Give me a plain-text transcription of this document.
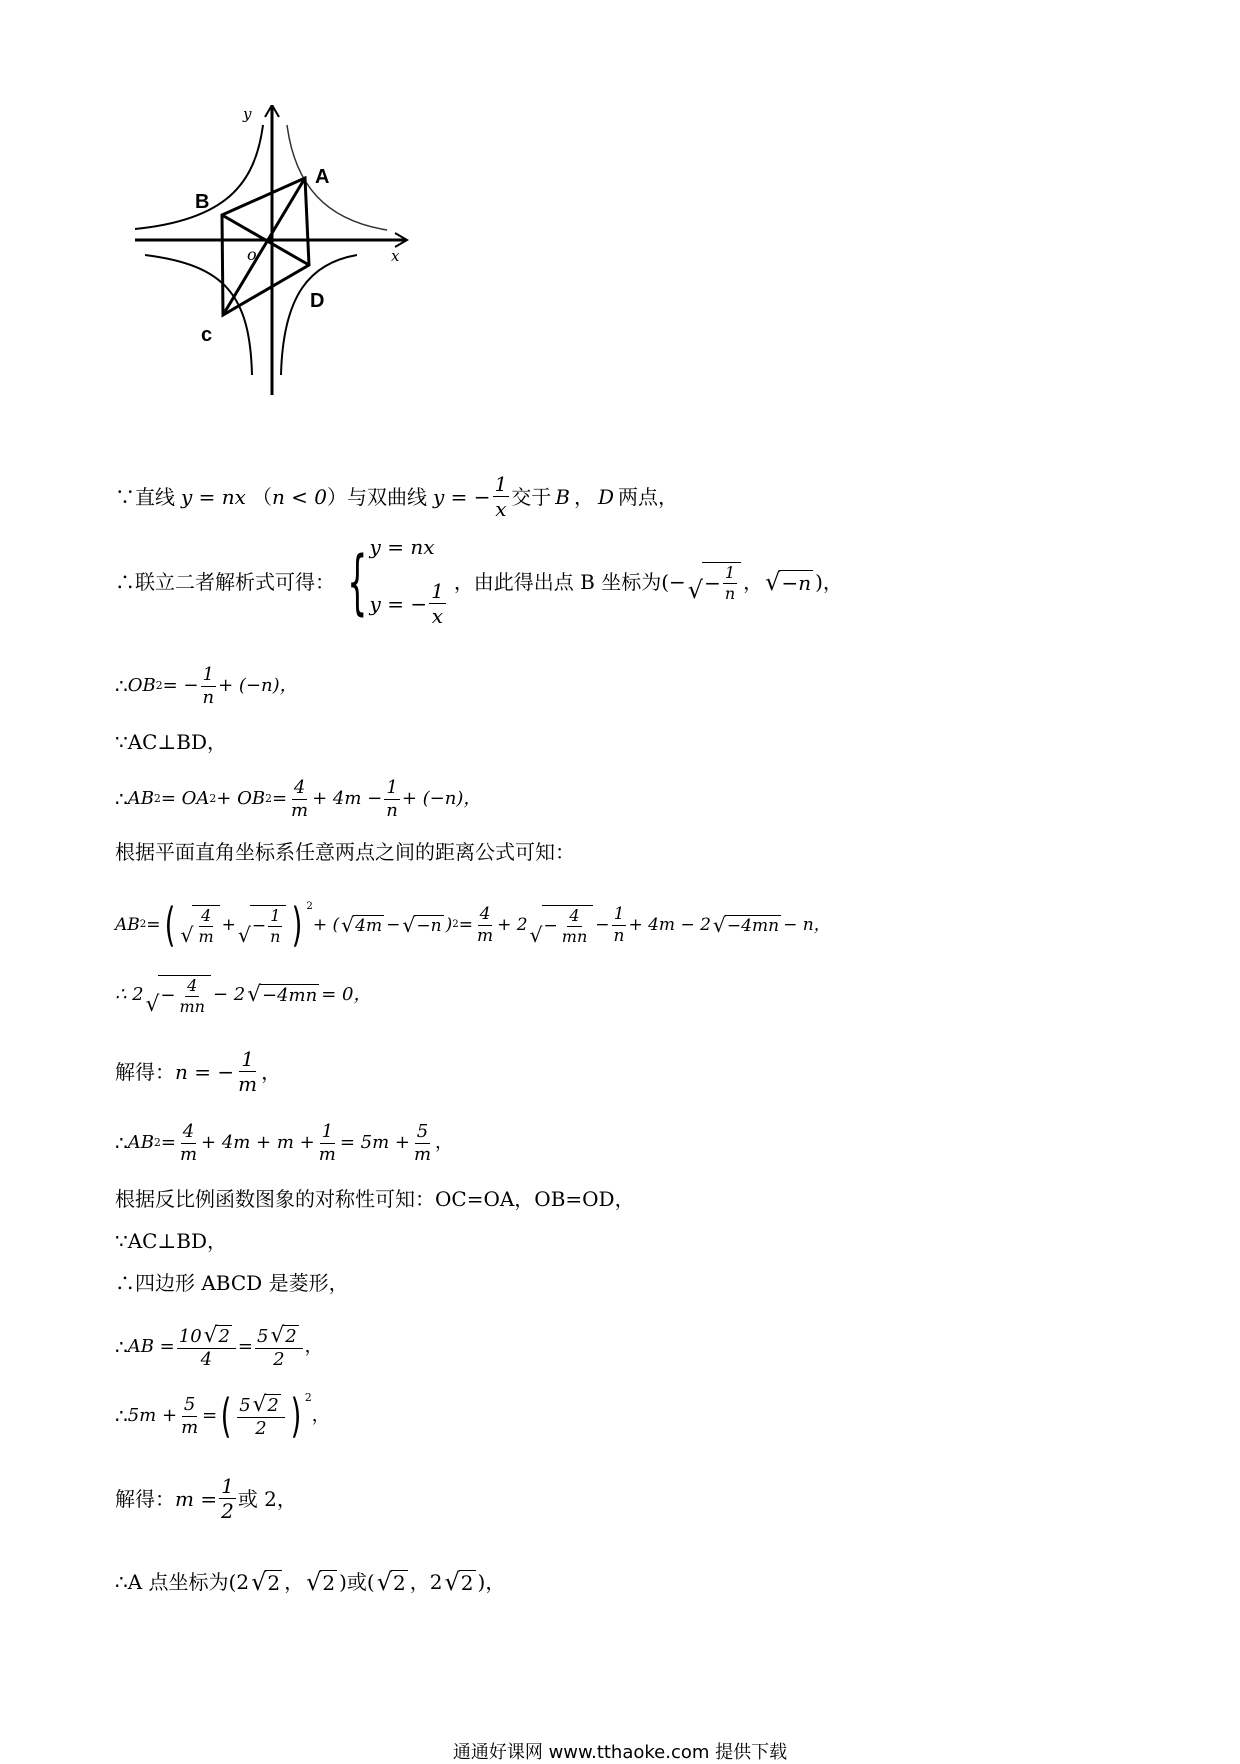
A
B
c
D
o	x
y
∵直线 y = nx （ n < 0 ）与双曲线 y = − $\frac{1}{x}$ 交于 B ， D 两点，
∴联立二者解析式可得： { y = nx
y = − $\frac{1}{x}$ ，由此得出点 B 坐标为(− √ − $\frac{1}{n}$ ， √ −n )，
∴ OB 2 = − $\frac{1}{n} + (-n)$，
∵AC⊥BD，
∴ AB 2 = OA 2 + OB $2 = \frac{4}{m} + 4m - \frac{1}{n} + (-n)$，
根据平面直角坐标系任意两点之间的距离公式可知：
AB 2 = ( √ $\frac{4}{m}$ + √ − $\frac{1}{n}$ ) $^2$
+ ( √ 4m − √ −n ) $2 = \frac{4}{m} + 2$ √ − $\frac{4}{mn} - \frac{1}{n} + 4m - 2$ √ −4mn − n，
∴ 2 √ − $\frac{4}{mn} - 2$ √ −4mn = 0，
解得： n = − $\frac{1}{m}$ ，
∴ AB $2 = \frac{4}{m} + 4m + m + \frac{1}{m} = 5m + \frac{5}{m}$ ，
根据反比例函数图象的对称性可知：OC=OA，OB=OD，
∵AC⊥BD，
∴四边形 ABCD 是菱形，
∴ AB = $\frac{10 √ 2}{4} = \frac{5 √ 2}{2}$ ，
∴ $5m + \frac{5}{m}$ = ( $\frac{5 √ 2}{2}$ ) $^2$
，
解得： $m = \frac{1}{2}$ 或 2，
∴A 点坐标为(2 √ 2 ， √ 2 )或( √ 2 ，2 √ 2 )，
通通好课网 www.tthaoke.com 提供下载
